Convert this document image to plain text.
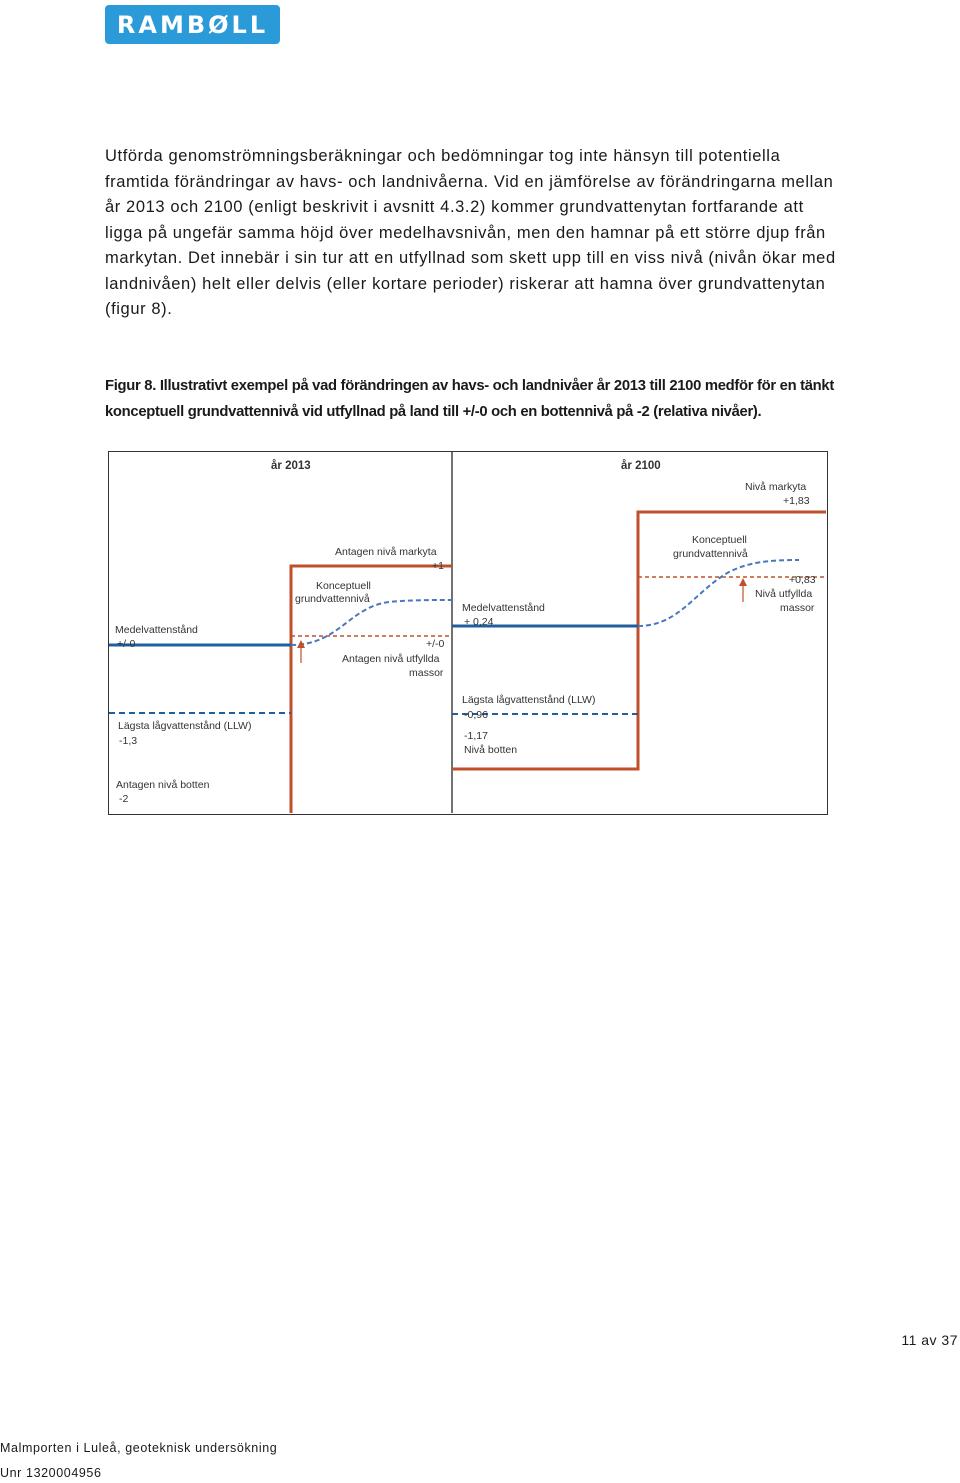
RAMBØLL

Utförda genomströmningsberäkningar och bedömningar tog inte hänsyn till potentiella framtida förändringar av havs- och landnivåerna. Vid en jämförelse av förändringarna mellan år 2013 och 2100 (enligt beskrivit i avsnitt 4.3.2) kommer grundvattenytan fortfarande att ligga på ungefär samma höjd över medelhavsnivån, men den hamnar på ett större djup från markytan. Det innebär i sin tur att en utfyllnad som skett upp till en viss nivå (nivån ökar med landnivåen) helt eller delvis (eller kortare perioder) riskerar att hamna över grundvattenytan (figur 8).

Figur 8. Illustrativt exempel på vad förändringen av havs- och landnivåer år 2013 till 2100 medför för en tänkt konceptuell grundvattennivå vid utfyllnad på land till +/-0 och en bottennivå på -2 (relativa nivåer).

år 2013
Antagen nivå markyta
+1
Konceptuell
grundvattennivå
Medelvattenstånd
+/-0	+/-0
Antagen nivå utfyllda
massor
Lägsta lågvattenstånd (LLW)
-1,3
Antagen nivå botten
-2
år 2100
Nivå markyta
+1,83
Konceptuell
grundvattennivå
+0,83
Nivå utfyllda
massor
Medelvattenstånd
+ 0,24
Lägsta lågvattenstånd (LLW)
-0,96
-1,17
Nivå botten
11 av 37
Malmporten i Luleå, geoteknisk undersökning
Unr 1320004956
